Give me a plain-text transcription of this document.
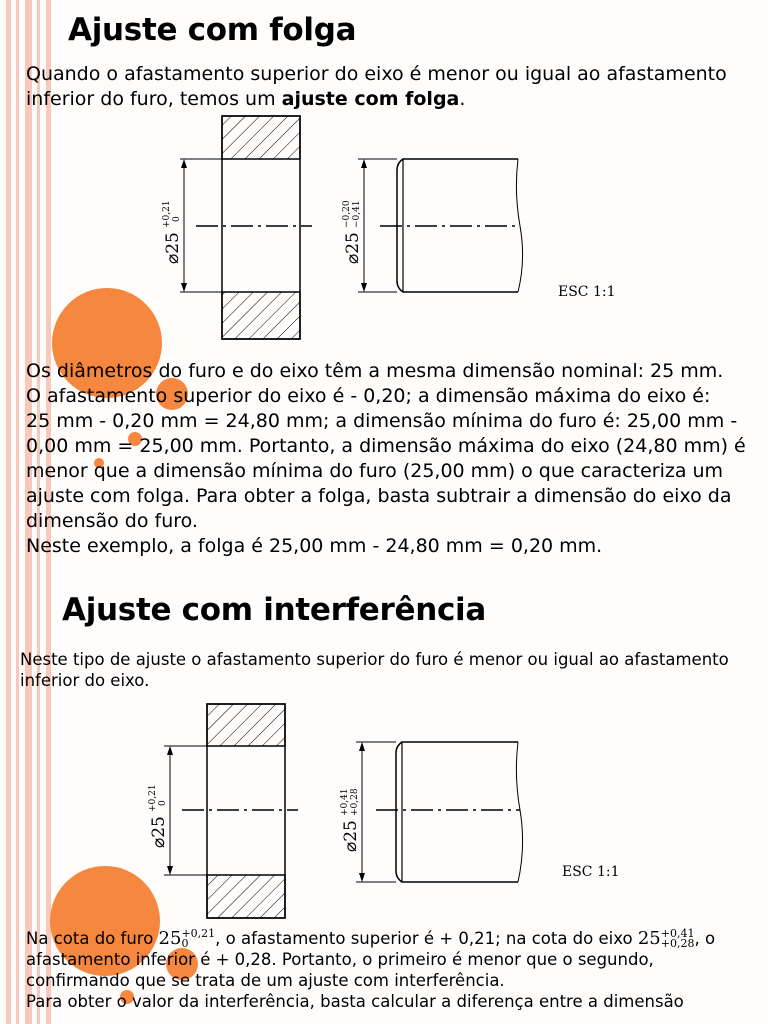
Ajuste com folga

Quando o afastamento superior do eixo é menor ou igual ao afastamento
inferior do furo, temos um ajuste com folga.

⌀25
+0,21 0
⌀25
−0,20 −0,41
ESC 1:1

Os diâmetros do furo e do eixo têm a mesma dimensão nominal: 25 mm.
O afastamento superior do eixo é - 0,20; a dimensão máxima do eixo é:
25 mm - 0,20 mm = 24,80 mm; a dimensão mínima do furo é: 25,00 mm -
0,00 mm = 25,00 mm. Portanto, a dimensão máxima do eixo (24,80 mm) é
menor que a dimensão mínima do furo (25,00 mm) o que caracteriza um
ajuste com folga. Para obter a folga, basta subtrair a dimensão do eixo da
dimensão do furo.
Neste exemplo, a folga é 25,00 mm - 24,80 mm = 0,20 mm.

Ajuste com interferência

Neste tipo de ajuste o afastamento superior do furo é menor ou igual ao afastamento
inferior do eixo.

⌀25
+0,21 0
⌀25
+0,41 +0,28
ESC 1:1

Na cota do furo 25 +0,21
0	, o afastamento superior é + 0,21; na cota do eixo 25 +0,41
+0,28 , o
afastamento inferior é + 0,28. Portanto, o primeiro é menor que o segundo,
confirmando que se trata de um ajuste com interferência.
Para obter o valor da interferência, basta calcular a diferença entre a dimensão
